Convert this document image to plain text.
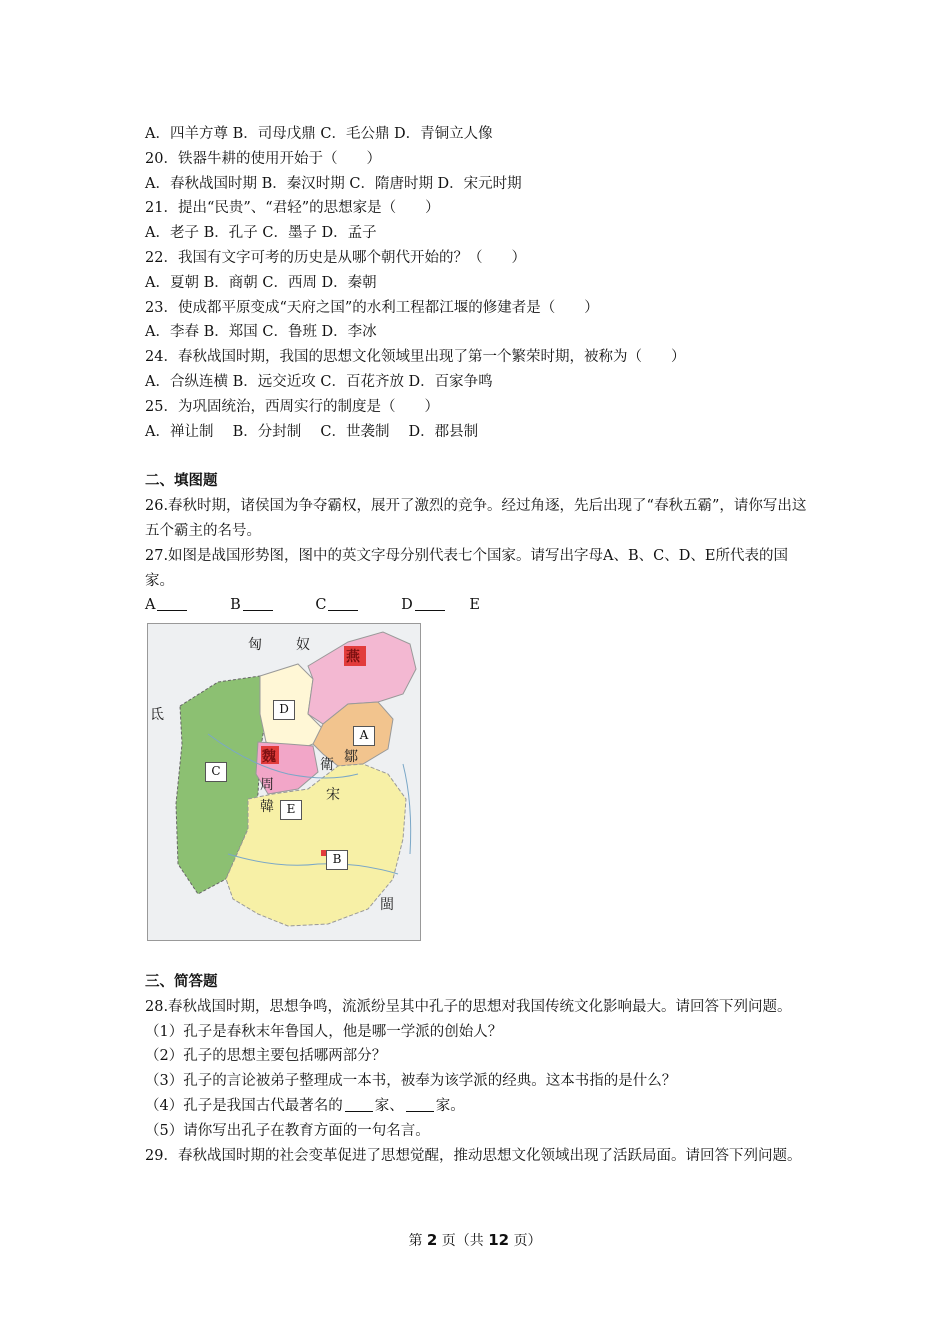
A．四羊方尊 B．司母戊鼎 C．毛公鼎 D．青铜立人像
20．铁器牛耕的使用开始于（　　）
A．春秋战国时期 B．秦汉时期 C．隋唐时期 D．宋元时期
21．提出“民贵”、“君轻”的思想家是（　　）
A．老子 B．孔子 C．墨子 D．孟子
22．我国有文字可考的历史是从哪个朝代开始的？（　　）
A．夏朝 B．商朝 C．西周 D．秦朝
23．使成都平原变成“天府之国”的水利工程都江堰的修建者是（　　）
A．李春 B．郑国 C．鲁班 D．李冰
24．春秋战国时期，我国的思想文化领域里出现了第一个繁荣时期，被称为（　　）
A．合纵连横 B．远交近攻 C．百花齐放 D．百家争鸣
25．为巩固统治，西周实行的制度是（　　）
A．禅让制　 B．分封制　 C．世袭制　 D．郡县制
二、填图题
26.春秋时期，诸侯国为争夺霸权，展开了激烈的竞争。经过角逐，先后出现了“春秋五霸”，请你写出这五个霸主的名号。
27.如图是战国形势图，图中的英文字母分别代表七个国家。请写出字母A、B、C、D、E所代表的国家。
A	B	C	D	E
匈 奴
氐
燕
魏
周
韓
宋
鄒
衛
閩
A
B
C
D
E
三、简答题
28.春秋战国时期，思想争鸣，流派纷呈其中孔子的思想对我国传统文化影响最大。请回答下列问题。
（1）孔子是春秋末年鲁国人，他是哪一学派的创始人？
（2）孔子的思想主要包括哪两部分？
（3）孔子的言论被弟子整理成一本书，被奉为该学派的经典。这本书指的是什么？
（4）孔子是我国古代最著名的 家、 家。
（5）请你写出孔子在教育方面的一句名言。
29．春秋战国时期的社会变革促进了思想觉醒，推动思想文化领域出现了活跃局面。请回答下列问题。
第 2 页（共 12 页）
